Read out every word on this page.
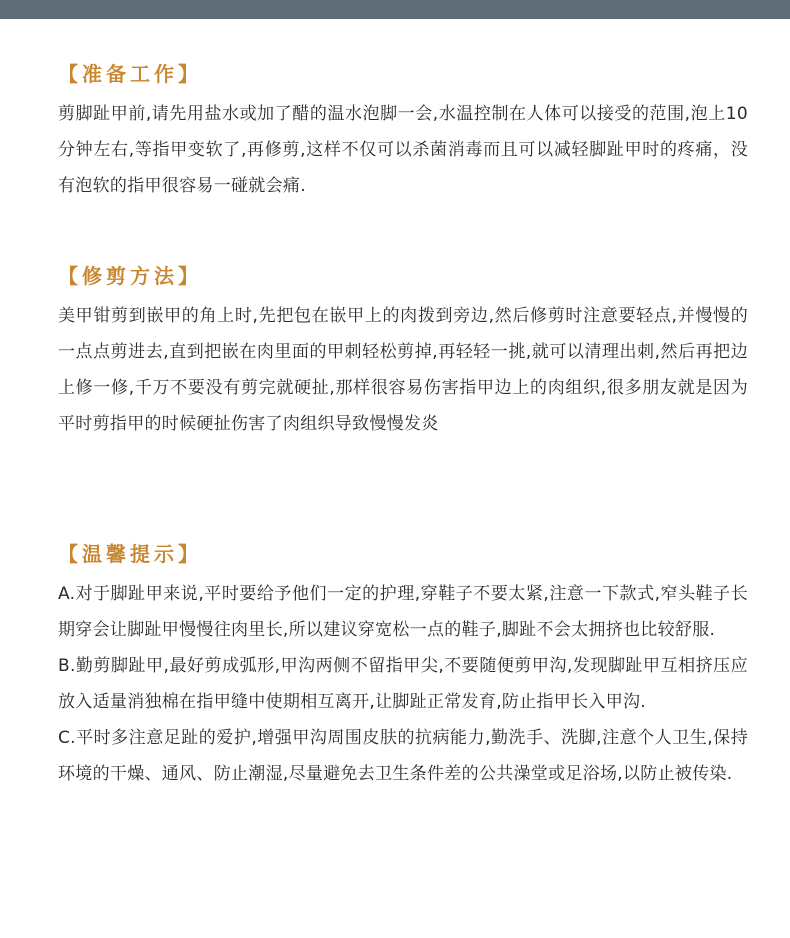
【准备工作】
剪脚趾甲前,请先用盐水或加了醋的温水泡脚一会,水温控制在人体可以接受的范围,泡上10分钟左右,等指甲变软了,再修剪,这样不仅可以杀菌消毒而且可以减轻脚趾甲时的疼痛，没有泡软的指甲很容易一碰就会痛.
【修剪方法】
美甲钳剪到嵌甲的角上时,先把包在嵌甲上的肉拨到旁边,然后修剪时注意要轻点,并慢慢的一点点剪进去,直到把嵌在肉里面的甲刺轻松剪掉,再轻轻一挑,就可以清理出刺,然后再把边上修一修,千万不要没有剪完就硬扯,那样很容易伤害指甲边上的肉组织,很多朋友就是因为平时剪指甲的时候硬扯伤害了肉组织导致慢慢发炎
【温馨提示】
A.对于脚趾甲来说,平时要给予他们一定的护理,穿鞋子不要太紧,注意一下款式,窄头鞋子长期穿会让脚趾甲慢慢往肉里长,所以建议穿宽松一点的鞋子,脚趾不会太拥挤也比较舒服.
B.勤剪脚趾甲,最好剪成弧形,甲沟两侧不留指甲尖,不要随便剪甲沟,发现脚趾甲互相挤压应放入适量消独棉在指甲缝中使期相互离开,让脚趾正常发育,防止指甲长入甲沟.
C.平时多注意足趾的爱护,增强甲沟周围皮肤的抗病能力,勤洗手、洗脚,注意个人卫生,保持环境的干燥、通风、防止潮湿,尽量避免去卫生条件差的公共澡堂或足浴场,以防止被传染.
